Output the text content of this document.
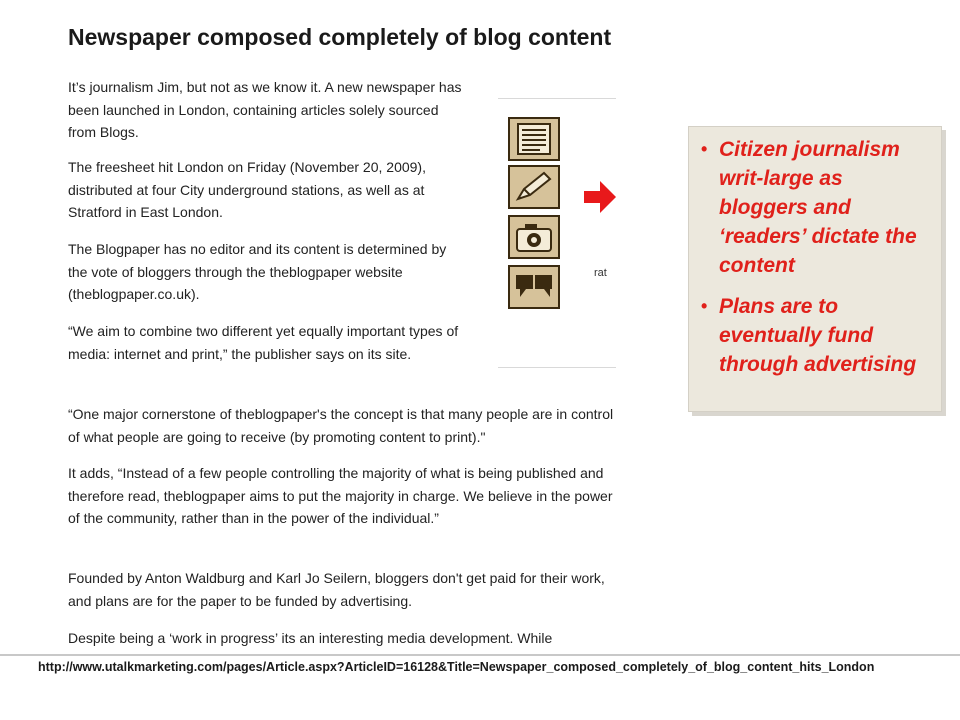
Newspaper composed completely of blog content

It’s journalism Jim, but not as we know it. A new newspaper has been launched in London, containing articles solely sourced from Blogs.

The freesheet hit London on Friday (November 20, 2009), distributed at four City underground stations, as well as at Stratford in East London.

The Blogpaper has no editor and its content is determined by the vote of bloggers through the theblogpaper website (theblogpaper.co.uk).

“We aim to combine two different yet equally important types of media: internet and print,” the publisher says on its site.

“One major cornerstone of theblogpaper's the concept is that many people are in control of what people are going to receive (by promoting content to print)."

It adds, “Instead of a few people controlling the majority of what is being published and therefore read, theblogpaper aims to put the majority in charge. We believe in the power of the community, rather than in the power of the individual.”

Founded by Anton Waldburg and Karl Jo Seilern, bloggers don't get paid for their work, and plans are for the paper to be funded by advertising.

Despite being a ‘work in progress’ its an interesting media development. While

rat
• Citizen journalism writ-large as bloggers and ‘readers’ dictate the content
• Plans are to eventually fund through advertising

http://www.utalkmarketing.com/pages/Article.aspx?ArticleID=16128&Title=Newspaper_composed_completely_of_blog_content_hits_London
